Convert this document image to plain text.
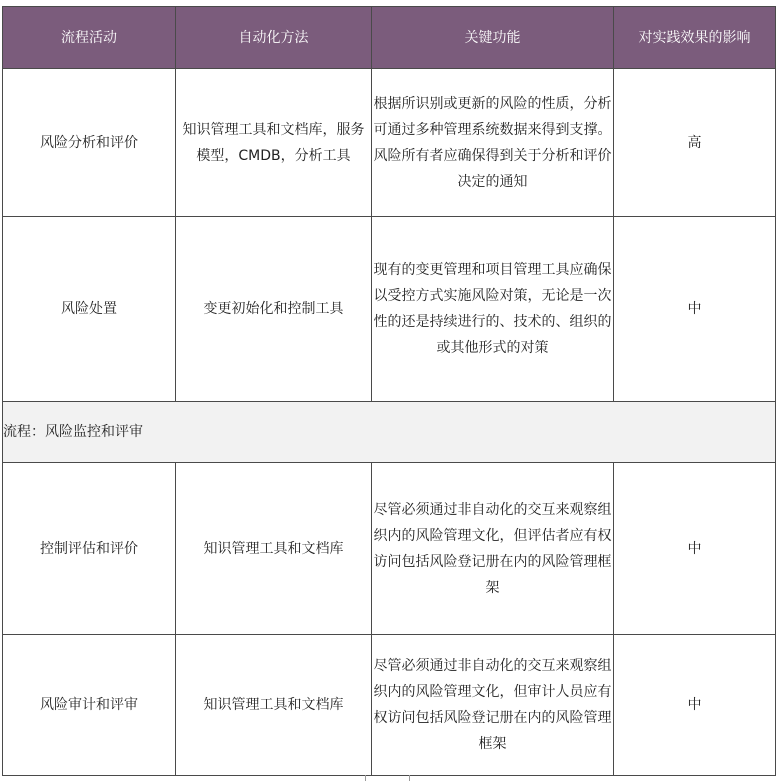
流程活动	自动化方法	关键功能	对实践效果的影响
风险分析和评价	知识管理工具和文档库，服务模型，CMDB，分析工具	根据所识别或更新的风险的性质，分析可通过多种管理系统数据来得到支撑。风险所有者应确保得到关于分析和评价决定的通知	高
风险处置	变更初始化和控制工具	现有的变更管理和项目管理工具应确保以受控方式实施风险对策，无论是一次性的还是持续进行的、技术的、组织的或其他形式的对策	中
流程：风险监控和评审			
控制评估和评价	知识管理工具和文档库	尽管必须通过非自动化的交互来观察组织内的风险管理文化，但评估者应有权访问包括风险登记册在内的风险管理框架	中
风险审计和评审	知识管理工具和文档库	尽管必须通过非自动化的交互来观察组织内的风险管理文化，但审计人员应有权访问包括风险登记册在内的风险管理框架	中
